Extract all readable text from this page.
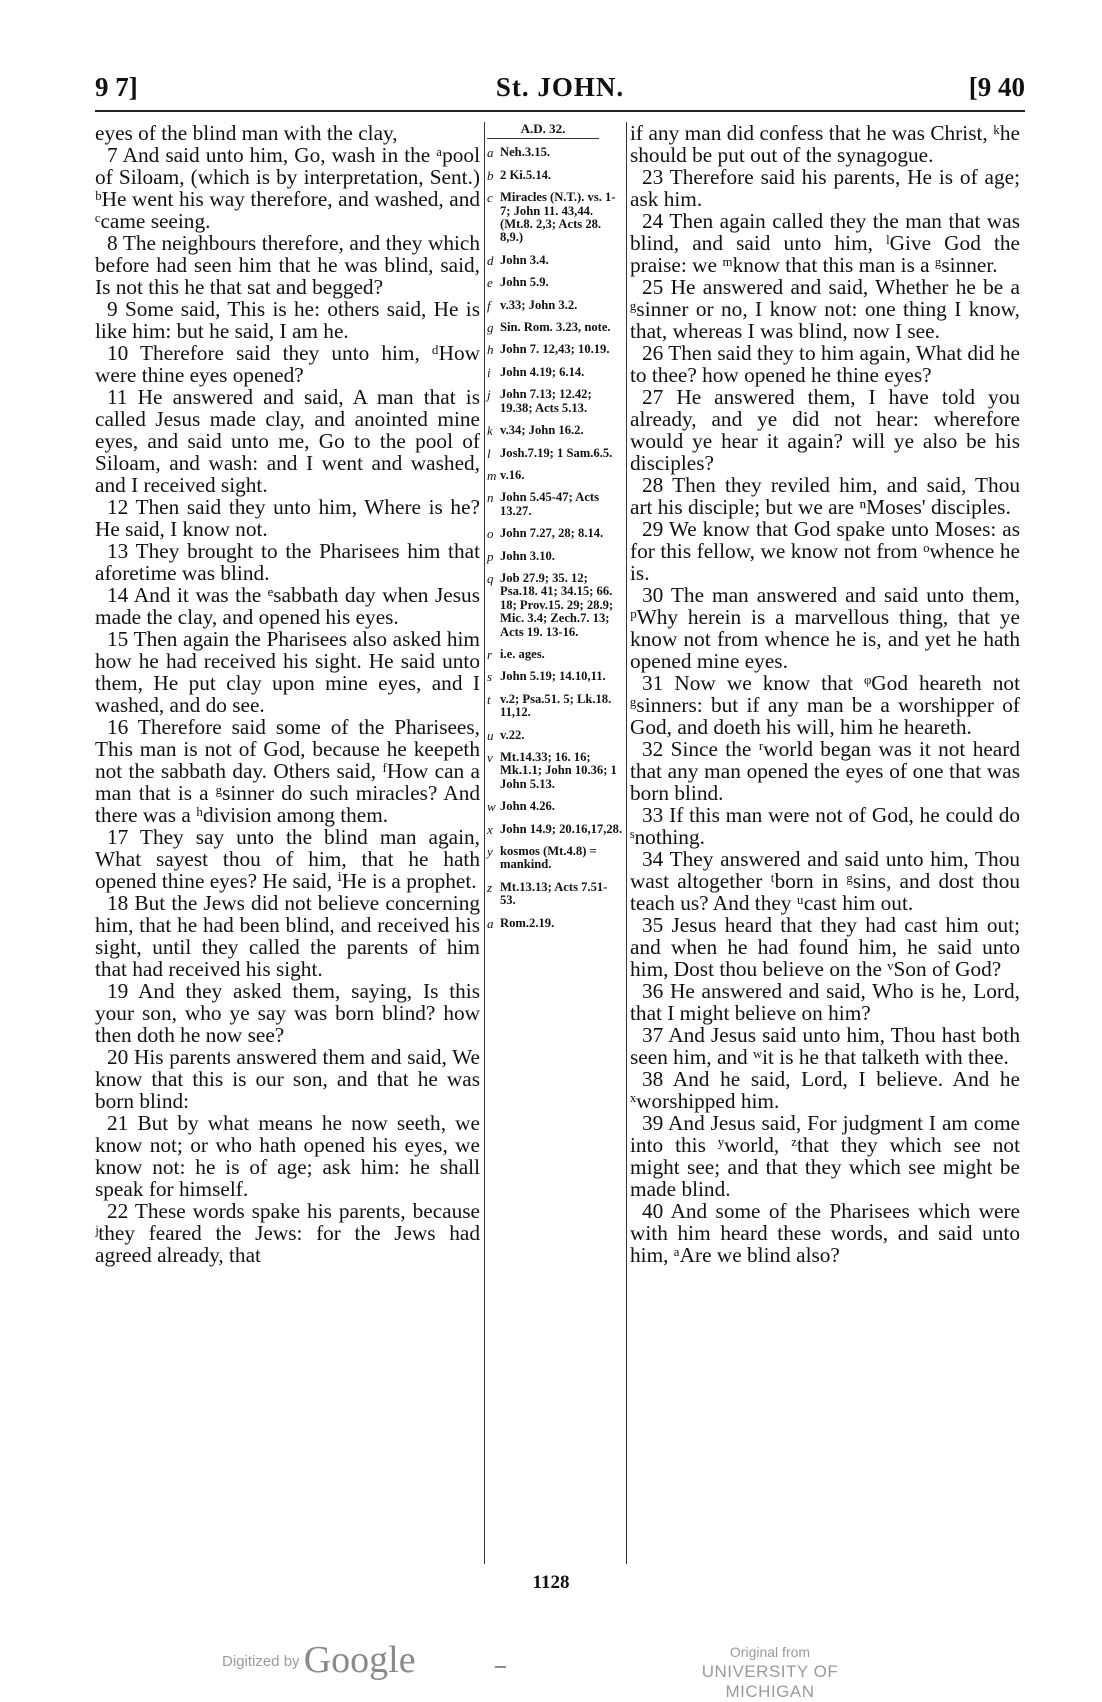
9 7]	St. JOHN.	[9 40

eyes of the blind man with the clay,

7 And said unto him, Go, wash in the ᵃpool of Siloam, (which is by interpretation, Sent.) ᵇHe went his way therefore, and washed, and ᶜcame seeing.

8 The neighbours therefore, and they which before had seen him that he was blind, said, Is not this he that sat and begged?

9 Some said, This is he: others said, He is like him: but he said, I am he.

10 Therefore said they unto him, ᵈHow were thine eyes opened?

11 He answered and said, A man that is called Jesus made clay, and anointed mine eyes, and said unto me, Go to the pool of Siloam, and wash: and I went and washed, and I received sight.

12 Then said they unto him, Where is he? He said, I know not.

13 They brought to the Pharisees him that aforetime was blind.

14 And it was the ᵉsabbath day when Jesus made the clay, and opened his eyes.

15 Then again the Pharisees also asked him how he had received his sight. He said unto them, He put clay upon mine eyes, and I washed, and do see.

16 Therefore said some of the Pharisees, This man is not of God, because he keepeth not the sabbath day. Others said, ᶠHow can a man that is a ᵍsinner do such miracles? And there was a ʰdivision among them.

17 They say unto the blind man again, What sayest thou of him, that he hath opened thine eyes? He said, ⁱHe is a prophet.

18 But the Jews did not believe concerning him, that he had been blind, and received his sight, until they called the parents of him that had received his sight.

19 And they asked them, saying, Is this your son, who ye say was born blind? how then doth he now see?

20 His parents answered them and said, We know that this is our son, and that he was born blind:

21 But by what means he now seeth, we know not; or who hath opened his eyes, we know not: he is of age; ask him: he shall speak for himself.

22 These words spake his parents, because ʲthey feared the Jews: for the Jews had agreed already, that

A.D. 32.
a Neh.3.15.
b 2 Ki.5.14.
c Miracles (N.T.). vs. 1-7; John 11. 43,44. (Mt.8. 2,3; Acts 28. 8,9.)
d John 3.4.
e John 5.9.
f v.33; John 3.2.
g Sin. Rom. 3.23, note.
h John 7. 12,43; 10.19.
i John 4.19; 6.14.
j John 7.13; 12.42; 19.38; Acts 5.13.
k v.34; John 16.2.
l Josh.7.19; 1 Sam.6.5.
m v.16.
n John 5.45-47; Acts 13.27.
o John 7.27, 28; 8.14.
p John 3.10.
q Job 27.9; 35. 12; Psa.18. 41; 34.15; 66. 18; Prov.15. 29; 28.9; Mic. 3.4; Zech.7. 13; Acts 19. 13-16.
r i.e. ages.
s John 5.19; 14.10,11.
t v.2; Psa.51. 5; Lk.18. 11,12.
u v.22.
v Mt.14.33; 16. 16; Mk.1.1; John 10.36; 1 John 5.13.
w John 4.26.
x John 14.9; 20.16,17,28.
y kosmos (Mt.4.8) = mankind.
z Mt.13.13; Acts 7.51-53.
a Rom.2.19.

if any man did confess that he was Christ, ᵏhe should be put out of the synagogue.

23 Therefore said his parents, He is of age; ask him.

24 Then again called they the man that was blind, and said unto him, ˡGive God the praise: we ᵐknow that this man is a ᵍsinner.

25 He answered and said, Whether he be a ᵍsinner or no, I know not: one thing I know, that, whereas I was blind, now I see.

26 Then said they to him again, What did he to thee? how opened he thine eyes?

27 He answered them, I have told you already, and ye did not hear: wherefore would ye hear it again? will ye also be his disciples?

28 Then they reviled him, and said, Thou art his disciple; but we are ⁿMoses' disciples.

29 We know that God spake unto Moses: as for this fellow, we know not from ᵒwhence he is.

30 The man answered and said unto them, ᵖWhy herein is a marvellous thing, that ye know not from whence he is, and yet he hath opened mine eyes.

31 Now we know that ᵠGod heareth not ᵍsinners: but if any man be a worshipper of God, and doeth his will, him he heareth.

32 Since the ʳworld began was it not heard that any man opened the eyes of one that was born blind.

33 If this man were not of God, he could do ˢnothing.

34 They answered and said unto him, Thou wast altogether ᵗborn in ᵍsins, and dost thou teach us? And they ᵘcast him out.

35 Jesus heard that they had cast him out; and when he had found him, he said unto him, Dost thou believe on the ᵛSon of God?

36 He answered and said, Who is he, Lord, that I might believe on him?

37 And Jesus said unto him, Thou hast both seen him, and ʷit is he that talketh with thee.

38 And he said, Lord, I believe. And he ˣworshipped him.

39 And Jesus said, For judgment I am come into this ʸworld, ᶻthat they which see not might see; and that they which see might be made blind.

40 And some of the Pharisees which were with him heard these words, and said unto him, ᵃAre we blind also?

1128
Digitized by Google	–	Original from
UNIVERSITY OF MICHIGAN
